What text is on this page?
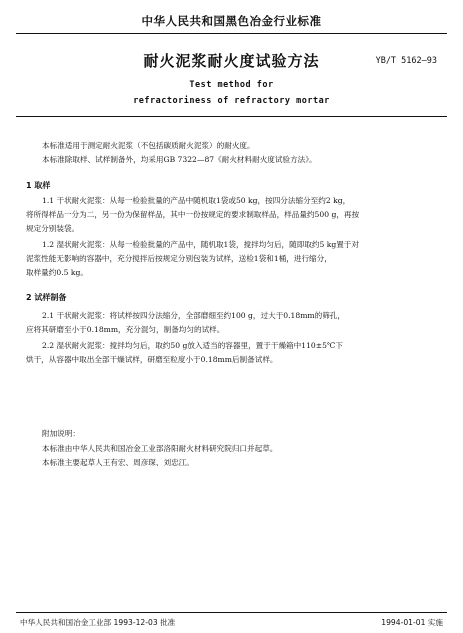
中华人民共和国黑色冶金行业标准
耐火泥浆耐火度试验方法	YB/T 5162—93
Test method for
refractoriness of refractory mortar
本标准适用于测定耐火泥浆（不包括碳质耐火泥浆）的耐火度。
本标准除取样、试样制备外，均采用GB 7322—87《耐火材料耐火度试验方法》。
1 取样
1.1 干状耐火泥浆：从每一检验批量的产品中随机取1袋或50 kg，按四分法缩分至约2 kg，
将所得样品一分为二，另一份为保留样品，其中一份按规定的要求制取样品，样品量约500 g，再按
规定分别装袋。
1.2 湿状耐火泥浆：从每一检验批量的产品中，随机取1袋，搅拌均匀后，随即取约5 kg置于对
泥浆性能无影响的容器中，充分搅拌后按规定分别包装为试样，送检1袋和1桶，进行缩分，
取样量约0.5 kg。
2 试样制备
2.1 干状耐火泥浆：将试样按四分法缩分，全部磨细至约100 g，过大于0.18mm的筛孔，
应将其研磨至小于0.18mm，充分混匀，制备均匀的试样。
2.2 湿状耐火泥浆：搅拌均匀后，取约50 g放入适当的容器里，置于干燥箱中110±5℃下
烘干，从容器中取出全部干燥试样，研磨至粒度小于0.18mm后制备试样。
附加说明：
本标准由中华人民共和国冶金工业部洛阳耐火材料研究院归口并起草。
本标准主要起草人王有宏、周彦琛、刘忠江。
中华人民共和国冶金工业部 1993-12-03 批准	1994-01-01 实施
